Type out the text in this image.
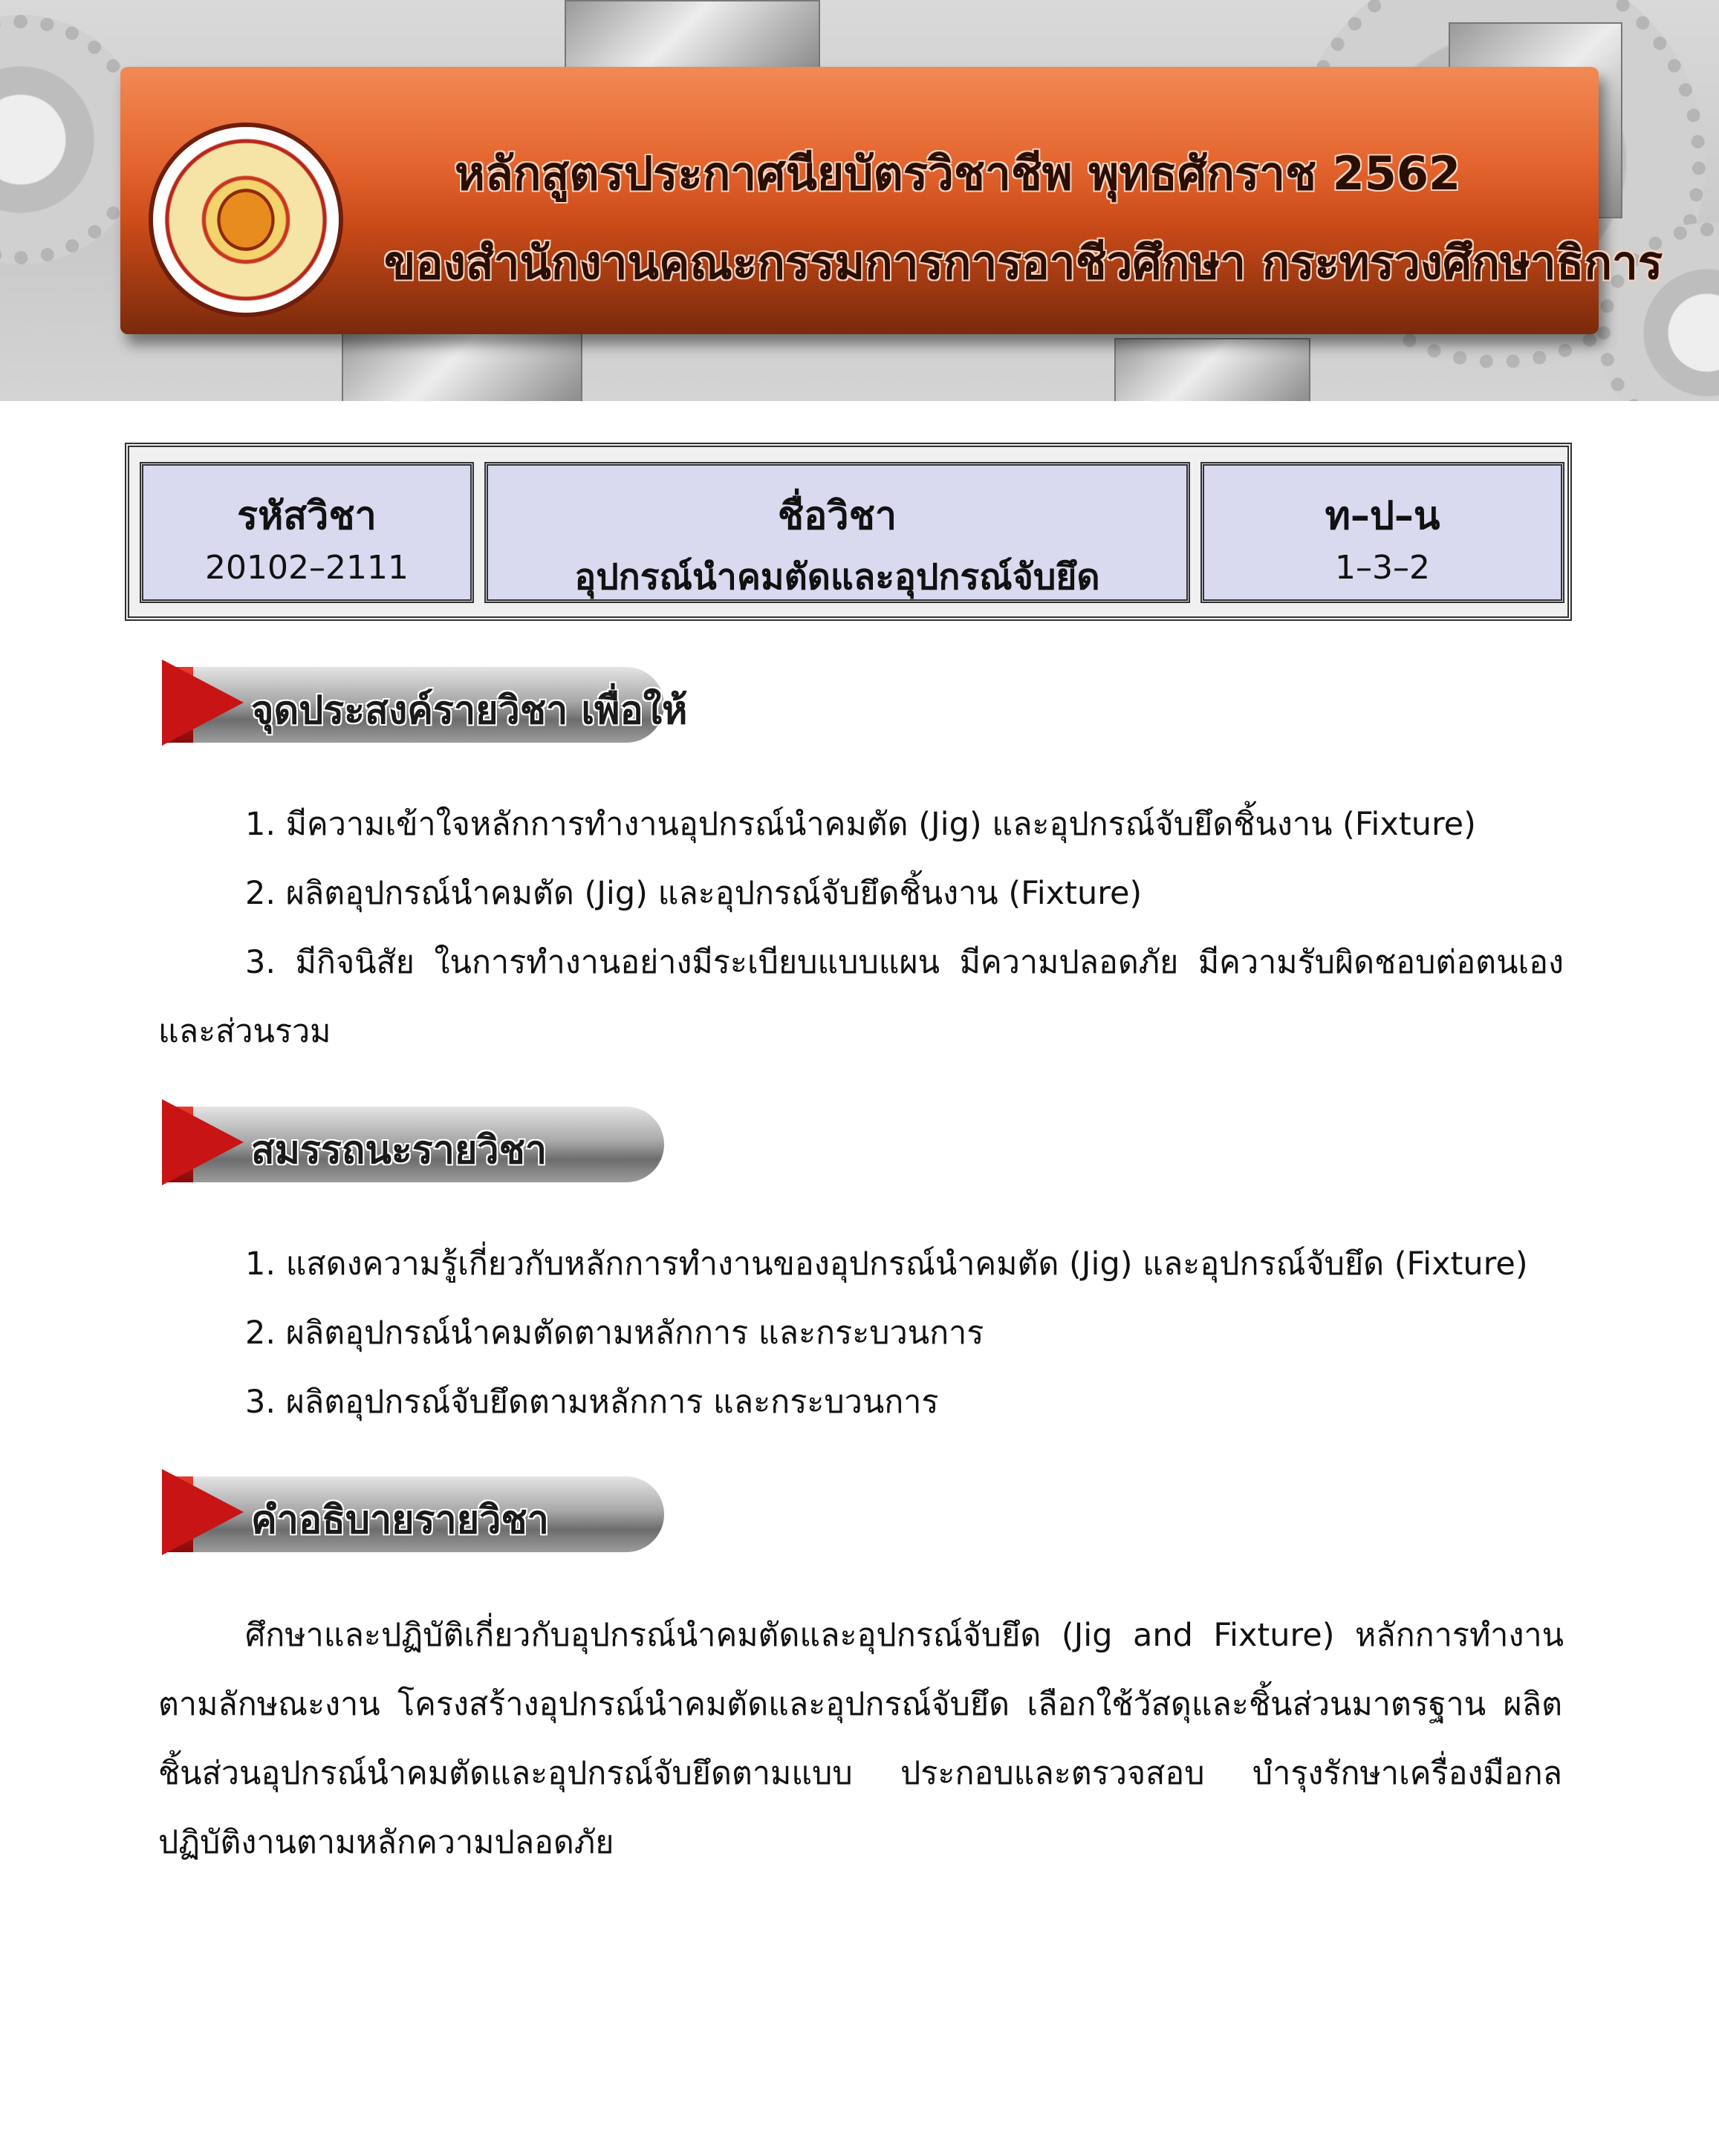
หลักสูตรประกาศนียบัตรวิชาชีพ พุทธศักราช 2562
ของสำนักงานคณะกรรมการการอาชีวศึกษา กระทรวงศึกษาธิการ
รหัสวิชา
20102–2111
ชื่อวิชา
อุปกรณ์นำคมตัดและอุปกรณ์จับยึด
ท–ป–น
1–3–2
จุดประสงค์รายวิชา เพื่อให้
1. มีความเข้าใจหลักการทำงานอุปกรณ์นำคมตัด (Jig) และอุปกรณ์จับยึดชิ้นงาน (Fixture)
2. ผลิตอุปกรณ์นำคมตัด (Jig) และอุปกรณ์จับยึดชิ้นงาน (Fixture)
3. มีกิจนิสัย ในการทำงานอย่างมีระเบียบแบบแผน มีความปลอดภัย มีความรับผิดชอบต่อตนเอง
และส่วนรวม
สมรรถนะรายวิชา
1. แสดงความรู้เกี่ยวกับหลักการทำงานของอุปกรณ์นำคมตัด (Jig) และอุปกรณ์จับยึด (Fixture)
2. ผลิตอุปกรณ์นำคมตัดตามหลักการ และกระบวนการ
3. ผลิตอุปกรณ์จับยึดตามหลักการ และกระบวนการ
คำอธิบายรายวิชา
ศึกษาและปฏิบัติเกี่ยวกับอุปกรณ์นำคมตัดและอุปกรณ์จับยึด (Jig and Fixture) หลักการทำงาน
ตามลักษณะงาน โครงสร้างอุปกรณ์นำคมตัดและอุปกรณ์จับยึด เลือกใช้วัสดุและชิ้นส่วนมาตรฐาน ผลิต
ชิ้นส่วนอุปกรณ์นำคมตัดและอุปกรณ์จับยึดตามแบบ ประกอบและตรวจสอบ บำรุงรักษาเครื่องมือกล
ปฏิบัติงานตามหลักความปลอดภัย
